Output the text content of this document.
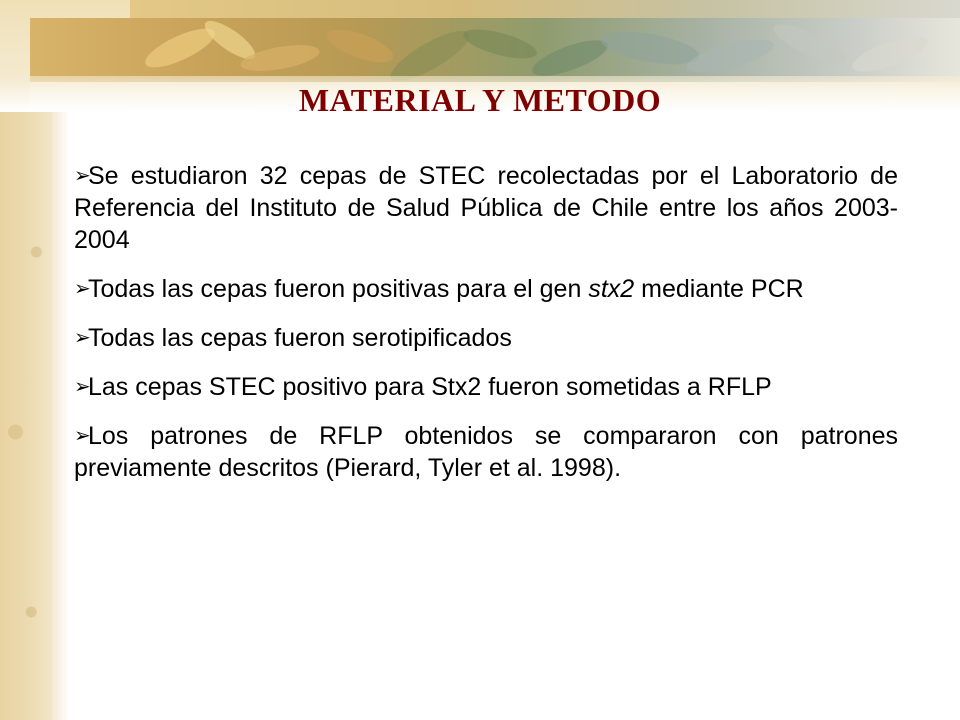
MATERIAL Y METODO

➢
Se estudiaron 32 cepas de STEC recolectadas por el Laboratorio de Referencia del Instituto de Salud Pública de Chile entre los años 2003-2004

➢
Todas las cepas fueron positivas para el gen stx2 mediante PCR

➢
Todas las cepas fueron serotipificados

➢
Las cepas STEC positivo para Stx2 fueron sometidas a RFLP

➢
Los patrones de RFLP obtenidos se compararon con patrones previamente descritos (Pierard, Tyler et al. 1998).
